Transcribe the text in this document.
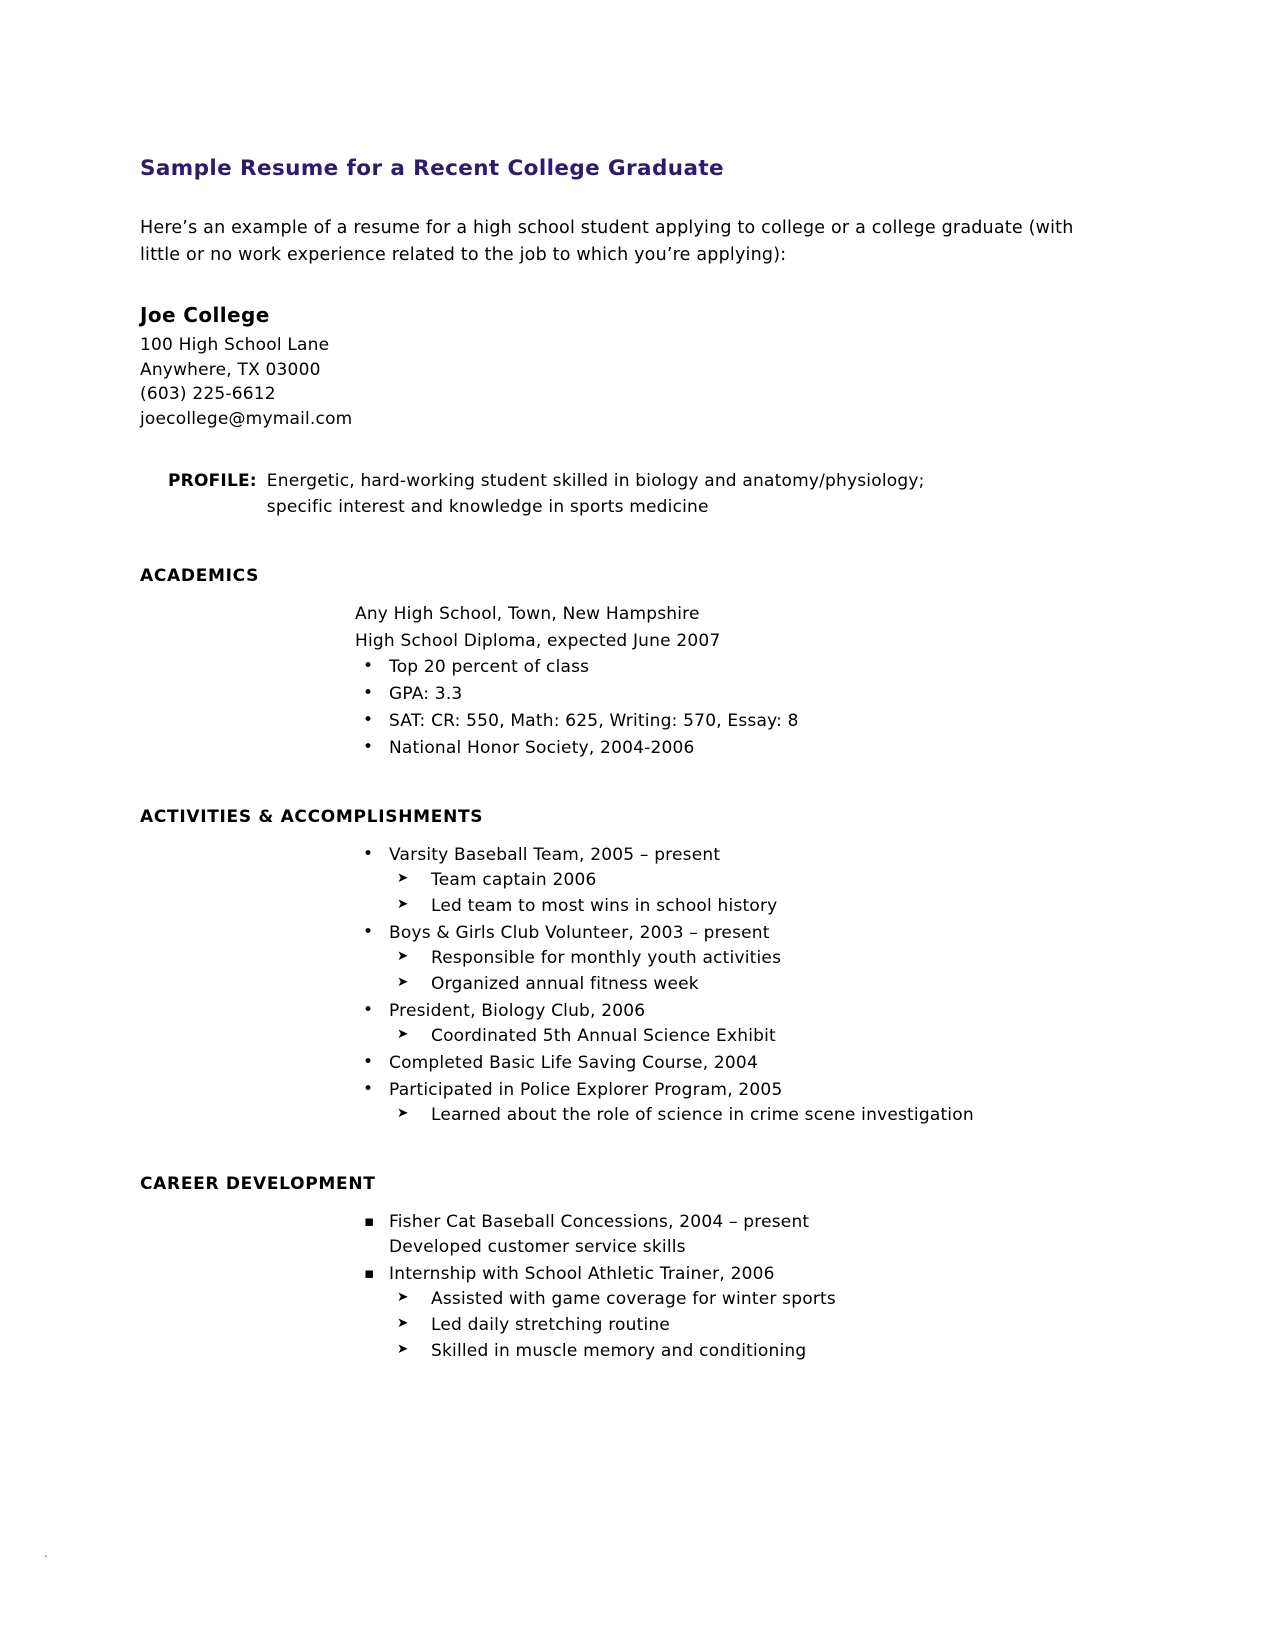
Sample Resume for a Recent College Graduate

Here’s an example of a resume for a high school student applying to college or a college graduate (with little or no work experience related to the job to which you’re applying):

Joe College
100 High School Lane
Anywhere, TX 03000
(603) 225-6612
joecollege@mymail.com
PROFILE: Energetic, hard-working student skilled in biology and anatomy/physiology;
specific interest and knowledge in sports medicine
ACADEMICS
Any High School, Town, New Hampshire
High School Diploma, expected June 2007
• Top 20 percent of class
• GPA: 3.3
• SAT: CR: 550, Math: 625, Writing: 570, Essay: 8
• National Honor Society, 2004-2006
ACTIVITIES & ACCOMPLISHMENTS
• Varsity Baseball Team, 2005 – present
➤ Team captain 2006
➤ Led team to most wins in school history
• Boys & Girls Club Volunteer, 2003 – present
➤ Responsible for monthly youth activities
➤ Organized annual fitness week
• President, Biology Club, 2006
➤ Coordinated 5th Annual Science Exhibit
• Completed Basic Life Saving Course, 2004
• Participated in Police Explorer Program, 2005
➤ Learned about the role of science in crime scene investigation
CAREER DEVELOPMENT
▪ Fisher Cat Baseball Concessions, 2004 – present
Developed customer service skills
▪ Internship with School Athletic Trainer, 2006
➤ Assisted with game coverage for winter sports
➤ Led daily stretching routine
➤ Skilled in muscle memory and conditioning
.
